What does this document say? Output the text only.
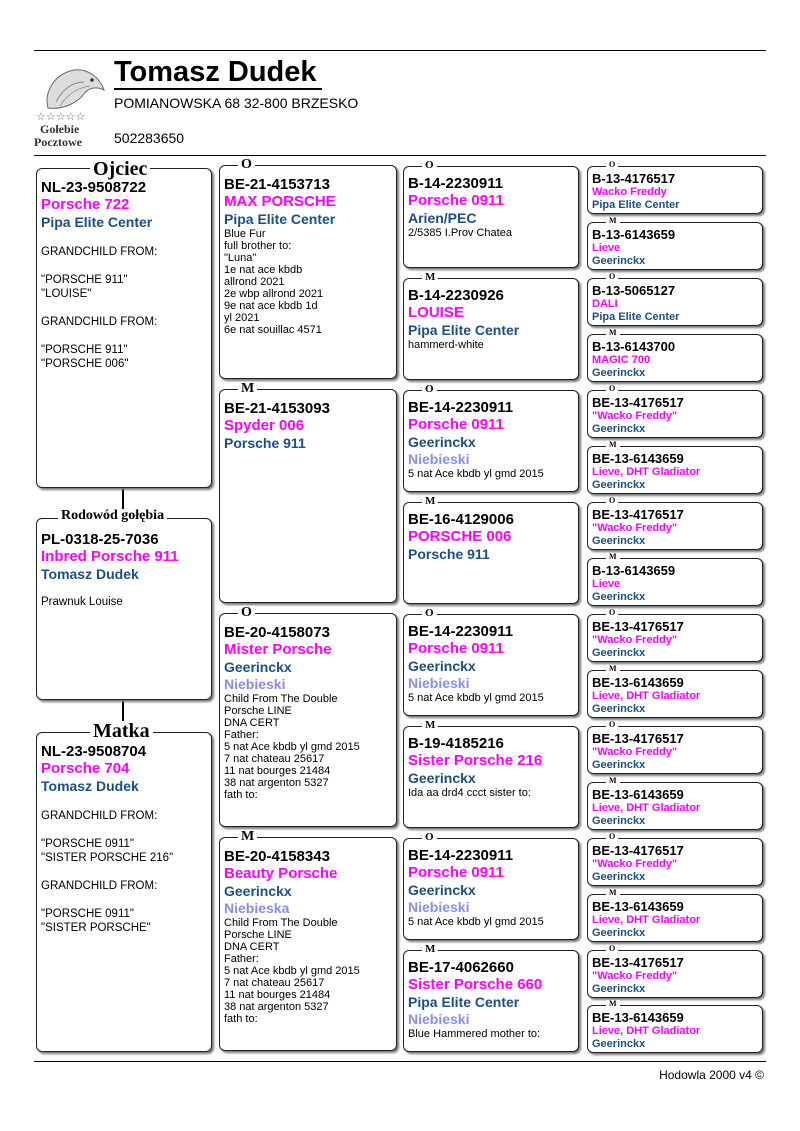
☆☆☆☆☆
Gołebie
Pocztowe
Tomasz Dudek
POMIANOWSKA 68 32-800 BRZESKO
502283650
NL-23-9508722
Porsche 722
Pipa Elite Center
GRANDCHILD FROM:

"PORSCHE 911"
"LOUISE"

GRANDCHILD FROM:

"PORSCHE 911"
"PORSCHE 006"
Ojciec
PL-0318-25-7036
Inbred Porsche 911
Tomasz Dudek
Prawnuk Louise
Rodowód gołębia
NL-23-9508704
Porsche 704
Tomasz Dudek
GRANDCHILD FROM:

"PORSCHE 0911"
"SISTER PORSCHE 216"

GRANDCHILD FROM:

"PORSCHE 0911"
"SISTER PORSCHE"
Matka
BE-21-4153713
MAX PORSCHE
Pipa Elite Center
Blue Fur
full brother to:
"Luna"
1e nat ace kbdb
allrond 2021
2e wbp allrond 2021
9e nat ace kbdb 1d
yl 2021
6e nat souillac 4571
O
BE-21-4153093
Spyder 006
Porsche 911
M
BE-20-4158073
Mister Porsche
Geerinckx
Niebieski
Child From The Double
Porsche LINE
DNA CERT
Father:
5 nat Ace kbdb yl gmd 2015
7 nat chateau 25617
11 nat bourges 21484
38 nat argenton 5327
fath to:
O
BE-20-4158343
Beauty Porsche
Geerinckx
Niebieska
Child From The Double
Porsche LINE
DNA CERT
Father:
5 nat Ace kbdb yl gmd 2015
7 nat chateau 25617
11 nat bourges 21484
38 nat argenton 5327
fath to:
M
B-14-2230911
Porsche 0911
Arien/PEC
2/5385 I.Prov Chatea
O
B-14-2230926
LOUISE
Pipa Elite Center
hammerd-white
M
BE-14-2230911
Porsche 0911
Geerinckx
Niebieski
5 nat Ace kbdb yl gmd 2015
O
BE-16-4129006
PORSCHE 006
Porsche 911
M
BE-14-2230911
Porsche 0911
Geerinckx
Niebieski
5 nat Ace kbdb yl gmd 2015
O
B-19-4185216
Sister Porsche 216
Geerinckx
Ida aa drd4 ccct sister to:
M
BE-14-2230911
Porsche 0911
Geerinckx
Niebieski
5 nat Ace kbdb yl gmd 2015
O
BE-17-4062660
Sister Porsche 660
Pipa Elite Center
Niebieski
Blue Hammered mother to:
M
B-13-4176517
Wacko Freddy
Pipa Elite Center
O
B-13-6143659
Lieve
Geerinckx
M
B-13-5065127
DALI
Pipa Elite Center
O
B-13-6143700
MAGIC 700
Geerinckx
M
BE-13-4176517
"Wacko Freddy"
Geerinckx
O
BE-13-6143659
Lieve, DHT Gladiator
Geerinckx
M
BE-13-4176517
"Wacko Freddy"
Geerinckx
O
B-13-6143659
Lieve
Geerinckx
M
BE-13-4176517
"Wacko Freddy"
Geerinckx
O
BE-13-6143659
Lieve, DHT Gladiator
Geerinckx
M
BE-13-4176517
"Wacko Freddy"
Geerinckx
O
BE-13-6143659
Lieve, DHT Gladiator
Geerinckx
M
BE-13-4176517
"Wacko Freddy"
Geerinckx
O
BE-13-6143659
Lieve, DHT Gladiator
Geerinckx
M
BE-13-4176517
"Wacko Freddy"
Geerinckx
O
BE-13-6143659
Lieve, DHT Gladiator
Geerinckx
M
Hodowla 2000 v4 ©
